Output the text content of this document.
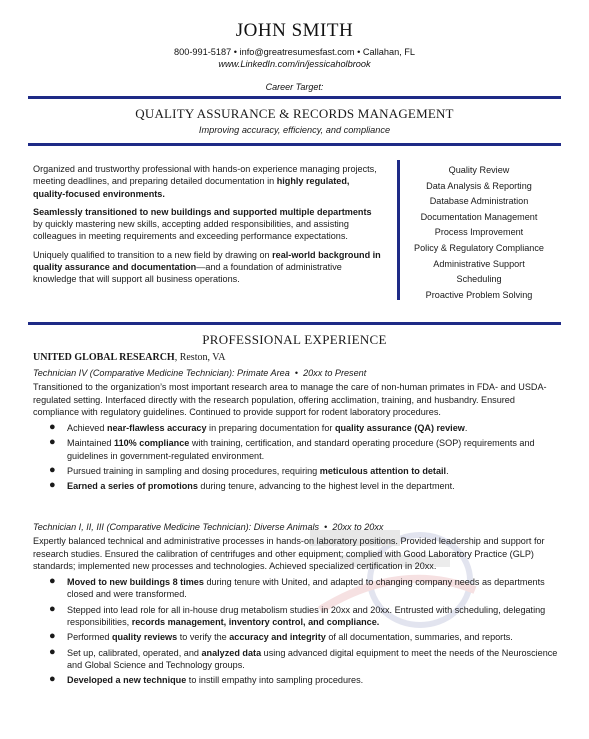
JOHN SMITH
800-991-5187 • info@greatresumesfast.com • Callahan, FL
www.LinkedIn.com/in/jessicaholbrook
Career Target:
QUALITY ASSURANCE & RECORDS MANAGEMENT
Improving accuracy, efficiency, and compliance

Organized and trustworthy professional with hands-on experience managing projects, meeting deadlines, and preparing detailed documentation in highly regulated, quality-focused environments.

Seamlessly transitioned to new buildings and supported multiple departments by quickly mastering new skills, accepting added responsibilities, and assisting colleagues in meeting requirements and exceeding performance expectations.

Uniquely qualified to transition to a new field by drawing on real-world background in quality assurance and documentation—and a foundation of administrative knowledge that will support all business operations.

Quality Review
Data Analysis & Reporting
Database Administration
Documentation Management
Process Improvement
Policy & Regulatory Compliance
Administrative Support
Scheduling
Proactive Problem Solving
PROFESSIONAL EXPERIENCE
UNITED GLOBAL RESEARCH, Reston, VA
Technician IV (Comparative Medicine Technician): Primate Area  •  20xx to Present
Transitioned to the organization’s most important research area to manage the care of non-human primates in FDA- and USDA-regulated setting. Interfaced directly with the research population, offering acclimation, training, and husbandry. Ensured compliance with regulatory guidelines. Continued to provide support for rodent laboratory procedures.
● Achieved near-flawless accuracy in preparing documentation for quality assurance (QA) review.
● Maintained 110% compliance with training, certification, and standard operating procedure (SOP) requirements and guidelines in government-regulated environment.
● Pursued training in sampling and dosing procedures, requiring meticulous attention to detail.
● Earned a series of promotions during tenure, advancing to the highest level in the department.
Technician I, II, III (Comparative Medicine Technician): Diverse Animals  •  20xx to 20xx
Expertly balanced technical and administrative processes in hands-on laboratory positions. Provided leadership and support for research studies. Ensured the calibration of centrifuges and other equipment; complied with Good Laboratory Practice (GLP) standards; implemented new processes and technologies. Achieved specialized certification in 20xx.
● Moved to new buildings 8 times during tenure with United, and adapted to changing company needs as departments closed and were transformed.
● Stepped into lead role for all in-house drug metabolism studies in 20xx and 20xx. Entrusted with scheduling, delegating responsibilities, records management, inventory control, and compliance.
● Performed quality reviews to verify the accuracy and integrity of all documentation, summaries, and reports.
● Set up, calibrated, operated, and analyzed data using advanced digital equipment to meet the needs of the Neuroscience and Global Science and Technology groups.
● Developed a new technique to instill empathy into sampling procedures.
